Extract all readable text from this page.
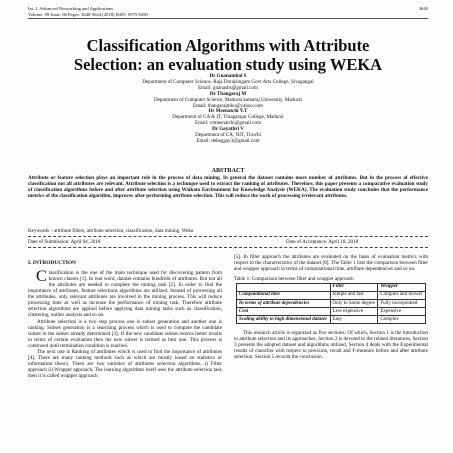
Int. J. Advanced Networking and Applications
Volume: 09 Issue: 06 Pages: 3640-3644 (2018) ISSN: 0975-0290
3640
Classification Algorithms with Attribute
Selection: an evaluation study using WEKA
Dr Gnanambal S
Department of Computer Science, Raja Doraisingam Govt Arts College, Sivagangai
Email: gnanasbs@gmail.com
Dr Thangaraj M
Department of Computer Science, Madurai kamaraj University, Madurai
Email: thangarajmku@yahoo.com
Dr Meenatchi V.T
Department of CA & IT, Thiagarajar College, Madurai
Email: vtmeenatchi@gmail.com
Dr Gayathri V
Department of CA, NIT, Tiruchi
Email: debeggay3@gmail.com
ABSTRACT
Attribute or feature selection plays an important role in the process of data mining. In general the dataset contains more number of attributes. But in the process of effective classification not all attributes are relevant. Attribute selection is a technique used to extract the ranking of attributes. Therefore, this paper presents a comparative evaluation study of classification algorithms before and after attribute selection using Waikato Environment for Knowledge Analysis (WEKA). The evaluation study concludes that the performance metrics of the classification algorithm, improves after performing attribute selection. This will reduce the work of processing irrelevant attributes.
Keywords – attribute filters, attribute selection, classification, data mining, Weka
Date of Submission: April 04, 2018	Date of Acceptance: April 18, 2018
I. INTRODUCTION

Classification is the one of the main technique used for discovering pattern from known classes [1]. In real word, dataset contains hundreds of attributes. But not all the attributes are needed to complete the mining task [2]. In order to find the importance of attributes, feature selections algorithms are utilized. Instead of processing all the attributes, only relevant attributes are involved in the mining process. This will reduce processing time as well as increase the performance of mining task. Therefore attribute selection algorithms are applied before applying data mining tasks such as classification, clustering, outlier analysis and so on.

Attribute selection is a two step process one is subset generation and another one is ranking. Subset generation is a searching process which is used to compare the candidate subset to the subset already determined [3]. If the new candidate subset returns better results in terms of certain evaluation then the new subset is termed as best one. This process is continued until termination condition is reached.

The next one is Ranking of attributes which is used to find the importance of attributes [4]. There are many ranking methods such as which are mostly based on statistics or information theory. There are two varieties of attributes selection algorithms. i) Filter approach ii) Wrapper approach. The learning algorithms itself uses the attribute selection task then it is called wrapper approach

[5]. In filter approach the attributes are evaluated on the basis of evaluation metrics with respect to the characteristics of the dataset [6]. The Table 1 lists the comparison between filter and wrapper approach in terms of computational time, attribute dependencies and so on.

Table 1: Comparison between filter and wrapper approach

	Filter	Wrapper
Computational time	Simple and fast	Complex and Slower
In terms of attribute dependencies	Only to Some degree	Fully incorporated
Cost	Less expensive	Expensive
Scaling ability to high dimensional dataset	Easy	Complex

This research article is organized as five sections: Of which, Section 1 is the introduction to attribute selection and its approaches, Section 2 is devoted to the related literatures, Section 3 presents the adopted dataset and algorithms utilized, Section 4 deals with the Experimental results of classifier with respect to precision, recall and F-measure before and after attribute selection. Section 5 records the conclusion.
